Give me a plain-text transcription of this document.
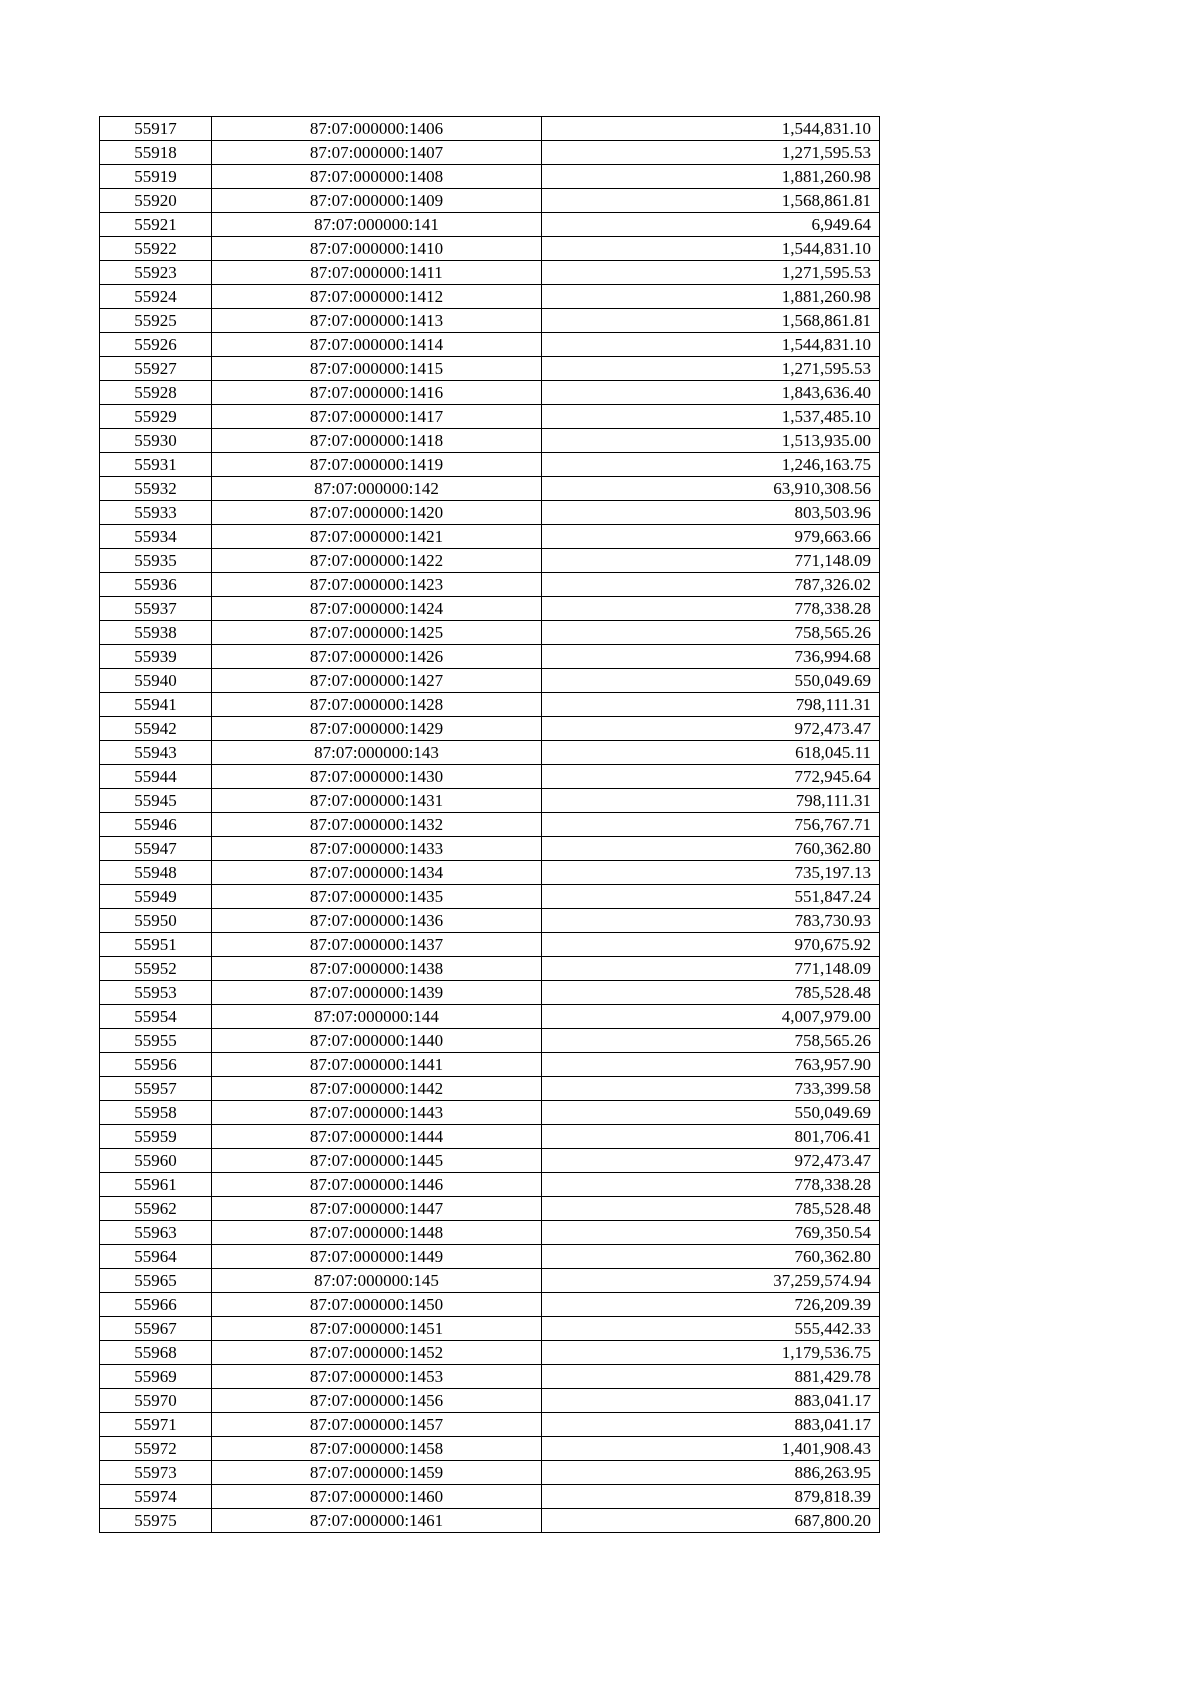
55917	87:07:000000:1406	1,544,831.10
55918	87:07:000000:1407	1,271,595.53
55919	87:07:000000:1408	1,881,260.98
55920	87:07:000000:1409	1,568,861.81
55921	87:07:000000:141	6,949.64
55922	87:07:000000:1410	1,544,831.10
55923	87:07:000000:1411	1,271,595.53
55924	87:07:000000:1412	1,881,260.98
55925	87:07:000000:1413	1,568,861.81
55926	87:07:000000:1414	1,544,831.10
55927	87:07:000000:1415	1,271,595.53
55928	87:07:000000:1416	1,843,636.40
55929	87:07:000000:1417	1,537,485.10
55930	87:07:000000:1418	1,513,935.00
55931	87:07:000000:1419	1,246,163.75
55932	87:07:000000:142	63,910,308.56
55933	87:07:000000:1420	803,503.96
55934	87:07:000000:1421	979,663.66
55935	87:07:000000:1422	771,148.09
55936	87:07:000000:1423	787,326.02
55937	87:07:000000:1424	778,338.28
55938	87:07:000000:1425	758,565.26
55939	87:07:000000:1426	736,994.68
55940	87:07:000000:1427	550,049.69
55941	87:07:000000:1428	798,111.31
55942	87:07:000000:1429	972,473.47
55943	87:07:000000:143	618,045.11
55944	87:07:000000:1430	772,945.64
55945	87:07:000000:1431	798,111.31
55946	87:07:000000:1432	756,767.71
55947	87:07:000000:1433	760,362.80
55948	87:07:000000:1434	735,197.13
55949	87:07:000000:1435	551,847.24
55950	87:07:000000:1436	783,730.93
55951	87:07:000000:1437	970,675.92
55952	87:07:000000:1438	771,148.09
55953	87:07:000000:1439	785,528.48
55954	87:07:000000:144	4,007,979.00
55955	87:07:000000:1440	758,565.26
55956	87:07:000000:1441	763,957.90
55957	87:07:000000:1442	733,399.58
55958	87:07:000000:1443	550,049.69
55959	87:07:000000:1444	801,706.41
55960	87:07:000000:1445	972,473.47
55961	87:07:000000:1446	778,338.28
55962	87:07:000000:1447	785,528.48
55963	87:07:000000:1448	769,350.54
55964	87:07:000000:1449	760,362.80
55965	87:07:000000:145	37,259,574.94
55966	87:07:000000:1450	726,209.39
55967	87:07:000000:1451	555,442.33
55968	87:07:000000:1452	1,179,536.75
55969	87:07:000000:1453	881,429.78
55970	87:07:000000:1456	883,041.17
55971	87:07:000000:1457	883,041.17
55972	87:07:000000:1458	1,401,908.43
55973	87:07:000000:1459	886,263.95
55974	87:07:000000:1460	879,818.39
55975	87:07:000000:1461	687,800.20
